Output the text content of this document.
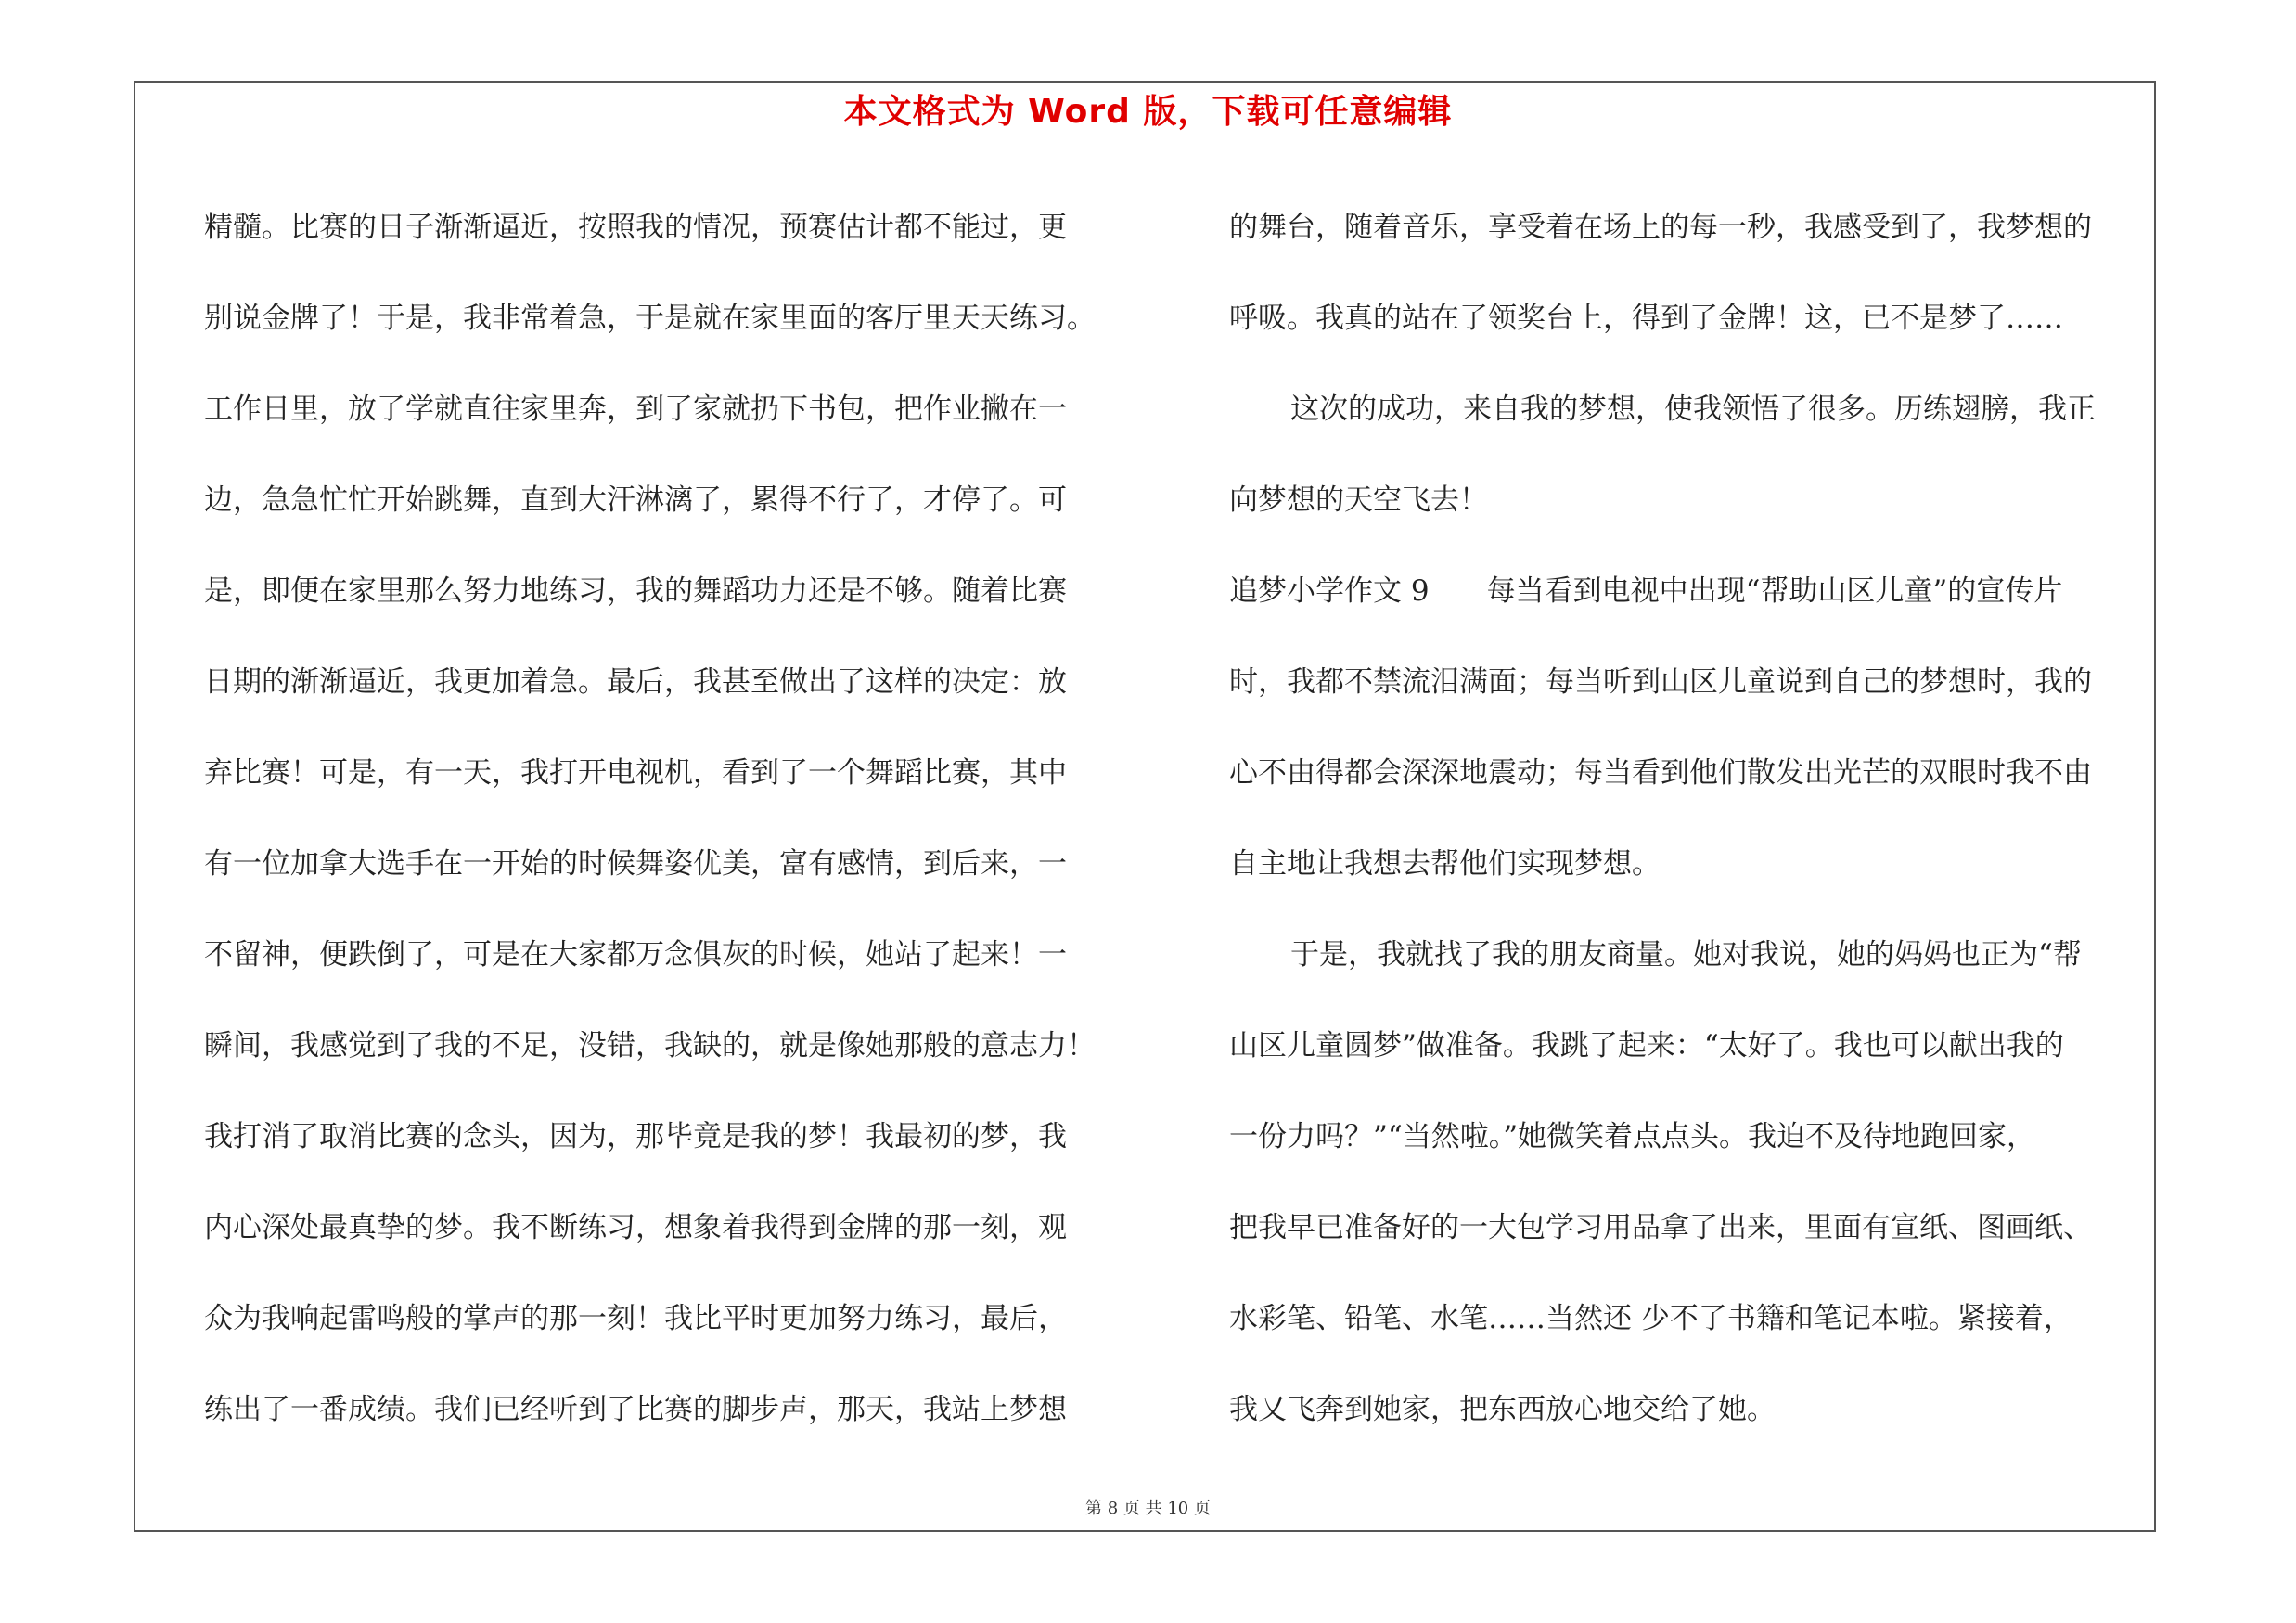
本文格式为 Word 版，下载可任意编辑
精髓。比赛的日子渐渐逼近，按照我的情况，预赛估计都不能过，更
别说金牌了！于是，我非常着急，于是就在家里面的客厅里天天练习。
工作日里，放了学就直往家里奔，到了家就扔下书包，把作业撇在一
边，急急忙忙开始跳舞，直到大汗淋漓了，累得不行了，才停了。可
是，即便在家里那么努力地练习，我的舞蹈功力还是不够。随着比赛
日期的渐渐逼近，我更加着急。最后，我甚至做出了这样的决定：放
弃比赛！可是，有一天，我打开电视机，看到了一个舞蹈比赛，其中
有一位加拿大选手在一开始的时候舞姿优美，富有感情，到后来，一
不留神，便跌倒了，可是在大家都万念俱灰的时候，她站了起来！一
瞬间，我感觉到了我的不足，没错，我缺的，就是像她那般的意志力！
我打消了取消比赛的念头，因为，那毕竟是我的梦！我最初的梦，我
内心深处最真挚的梦。我不断练习，想象着我得到金牌的那一刻，观
众为我响起雷鸣般的掌声的那一刻！我比平时更加努力练习，最后，
练出了一番成绩。我们已经听到了比赛的脚步声，那天，我站上梦想
的舞台，随着音乐，享受着在场上的每一秒，我感受到了，我梦想的
呼吸。我真的站在了领奖台上，得到了金牌！这，已不是梦了……
这次的成功，来自我的梦想，使我领悟了很多。历练翅膀，我正
向梦想的天空飞去！
追梦小学作文 9　　每当看到电视中出现“帮助山区儿童”的宣传片
时，我都不禁流泪满面；每当听到山区儿童说到自己的梦想时，我的
心不由得都会深深地震动；每当看到他们散发出光芒的双眼时我不由
自主地让我想去帮他们实现梦想。
于是，我就找了我的朋友商量。她对我说，她的妈妈也正为“帮
山区儿童圆梦”做准备。我跳了起来：“太好了。我也可以献出我的
一份力吗？”“当然啦。”她微笑着点点头。我迫不及待地跑回家，
把我早已准备好的一大包学习用品拿了出来，里面有宣纸、图画纸、
水彩笔、铅笔、水笔……当然还 少不了书籍和笔记本啦。紧接着，
我又飞奔到她家，把东西放心地交给了她。
第 8 页 共 10 页
